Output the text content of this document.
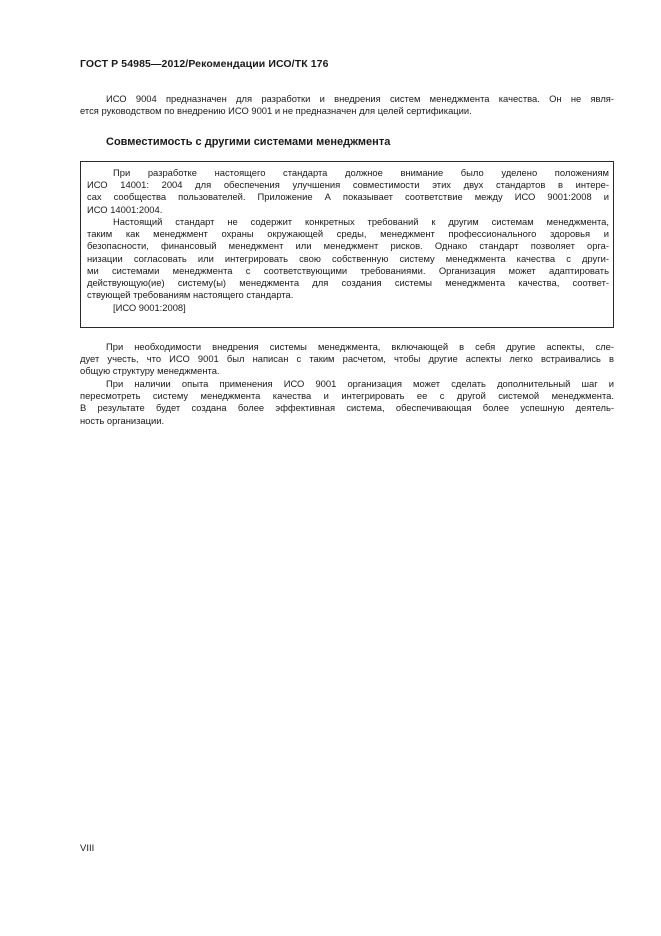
ГОСТ Р 54985—2012/Рекомендации ИСО/ТК 176
ИСО 9004 предназначен для разработки и внедрения систем менеджмента качества. Он не явля-
ется руководством по внедрению ИСО 9001 и не предназначен для целей сертификации.
Совместимость с другими системами менеджмента
При разработке настоящего стандарта должное внимание было уделено положениям
ИСО 14001: 2004 для обеспечения улучшения совместимости этих двух стандартов в интере-
сах сообщества пользователей. Приложение А показывает соответствие между ИСО 9001:2008 и
ИСО 14001:2004.
Настоящий стандарт не содержит конкретных требований к другим системам менеджмента,
таким как менеджмент охраны окружающей среды, менеджмент профессионального здоровья и
безопасности, финансовый менеджмент или менеджмент рисков. Однако стандарт позволяет орга-
низации согласовать или интегрировать свою собственную систему менеджмента качества с други-
ми системами менеджмента с соответствующими требованиями. Организация может адаптировать
действующую(ие) систему(ы) менеджмента для создания системы менеджмента качества, соответ-
ствующей требованиям настоящего стандарта.
[ИСО 9001:2008]
При необходимости внедрения системы менеджмента, включающей в себя другие аспекты, сле-
дует учесть, что ИСО 9001 был написан с таким расчетом, чтобы другие аспекты легко встраивались в
общую структуру менеджмента.
При наличии опыта применения ИСО 9001 организация может сделать дополнительный шаг и
пересмотреть систему менеджмента качества и интегрировать ее с другой системой менеджмента.
В результате будет создана более эффективная система, обеспечивающая более успешную деятель-
ность организации.
VIII
